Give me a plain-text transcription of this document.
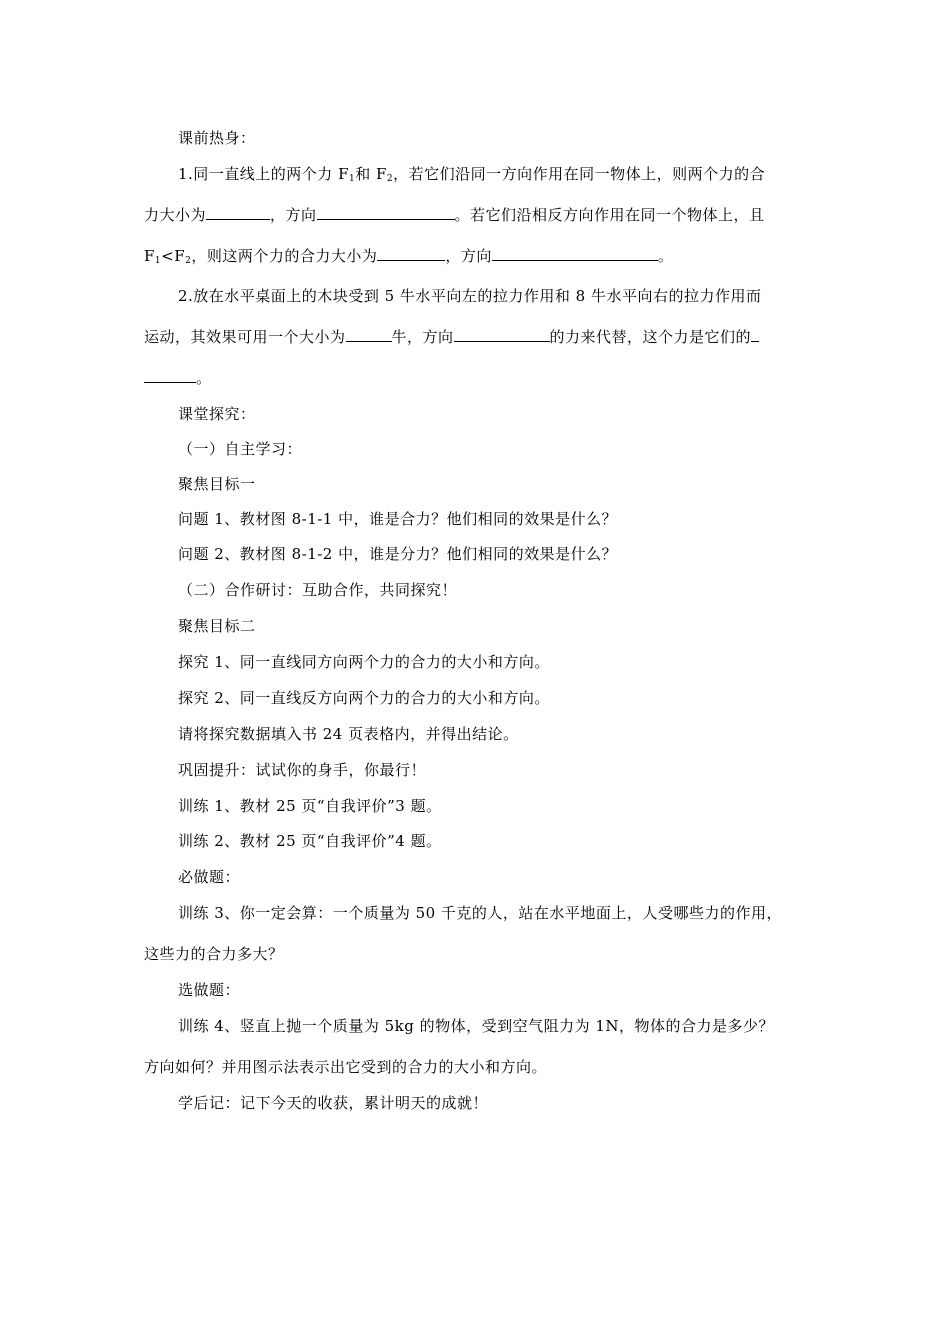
课前热身：
1.同一直线上的两个力 $F_1$和 $F_2$，若它们沿同一方向作用在同一物体上，则两个力的合
力大小为	，方向	。若它们沿相反方向作用在同一个物体上，且
$F_1<F_2$，则这两个力的合力大小为	，方向	。
2.放在水平桌面上的木块受到 5 牛水平向左的拉力作用和 8 牛水平向右的拉力作用而
运动，其效果可用一个大小为	牛，方向	的力来代替，这个力是它们的
。
课堂探究：
（一）自主学习：
聚焦目标一
问题 1、教材图 8-1-1 中，谁是合力？他们相同的效果是什么？
问题 2、教材图 8-1-2 中，谁是分力？他们相同的效果是什么？
（二）合作研讨：互助合作，共同探究！
聚焦目标二
探究 1、同一直线同方向两个力的合力的大小和方向。
探究 2、同一直线反方向两个力的合力的大小和方向。
请将探究数据填入书 24 页表格内，并得出结论。
巩固提升：试试你的身手，你最行！
训练 1、教材 25 页“自我评价”3 题。
训练 2、教材 25 页“自我评价”4 题。
必做题：
训练 3、你一定会算：一个质量为 50 千克的人，站在水平地面上，人受哪些力的作用，
这些力的合力多大？
选做题：
训练 4、竖直上抛一个质量为 5kg 的物体，受到空气阻力为 1N，物体的合力是多少？
方向如何？并用图示法表示出它受到的合力的大小和方向。
学后记：记下今天的收获，累计明天的成就！
